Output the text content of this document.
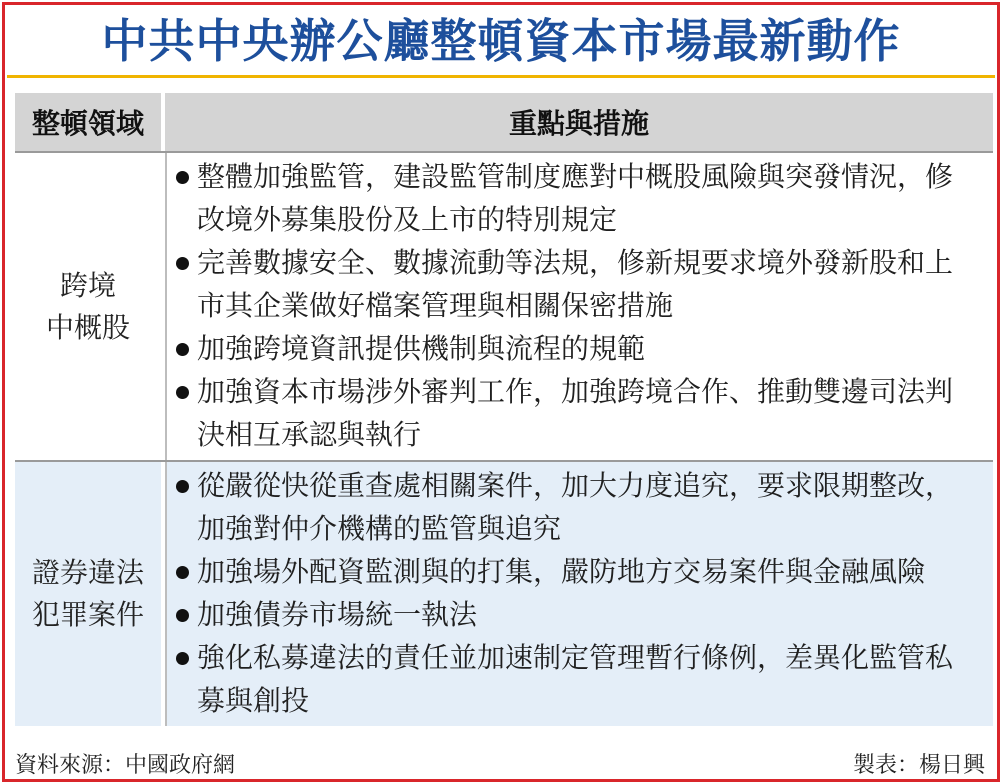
中共中央辦公廳整頓資本市場最新動作
整頓領域	重點與措施
跨境
中概股
整體加強監管，建設監管制度應對中概股風險與突發情況，修改境外募集股份及上市的特別規定
完善數據安全、數據流動等法規，修新規要求境外發新股和上市其企業做好檔案管理與相關保密措施
加強跨境資訊提供機制與流程的規範
加強資本市場涉外審判工作，加強跨境合作、推動雙邊司法判決相互承認與執行
證券違法
犯罪案件
從嚴從快從重查處相關案件，加大力度追究，要求限期整改，加強對仲介機構的監管與追究
加強場外配資監測與的打集，嚴防地方交易案件與金融風險
加強債券市場統一執法
強化私募違法的責任並加速制定管理暫行條例，差異化監管私募與創投
資料來源：中國政府網	製表：楊日興
